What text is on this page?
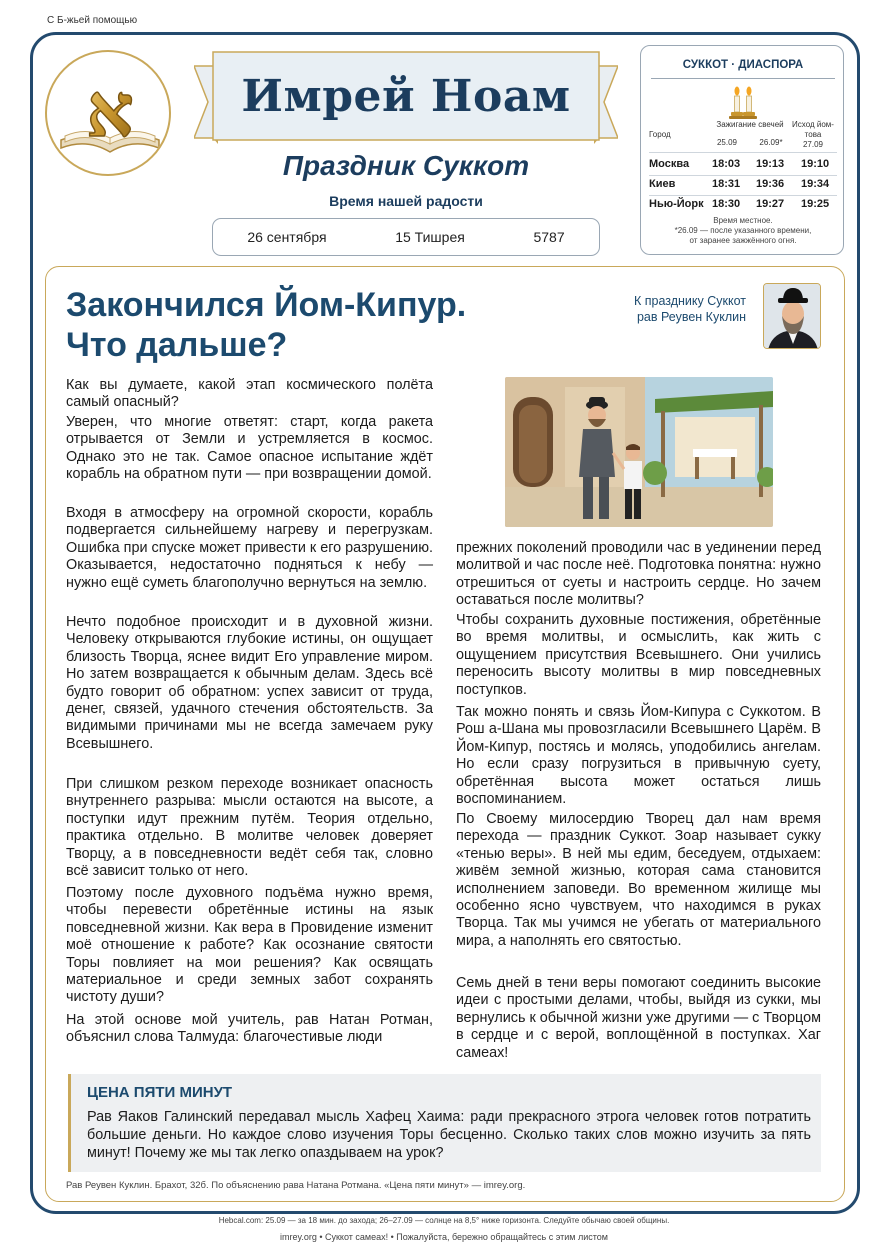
С Б-жьей помощью
א	Имрей Ноам
Праздник Суккот
Время нашей радости
26 сентября	15 Тишрея	5787
СУККОТ · ДИАСПОРА
Город
Зажигание свечей
25.09	26.09*
Исход йом-това
27.09
Москва 18:03 19:13 19:10
Киев	18:31 19:36 19:34
Нью-Йорк 18:30 19:27 19:25
Время местное.
*26.09 — после указанного времени,
от заранее зажжённого огня.
Закончился Йом-Кипур.
Что дальше?
К празднику Суккот
рав Реувен Куклин
Как вы думаете, какой этап космического полёта самый опасный?
Уверен, что многие ответят: старт, когда ракета отрывается от Земли и устремляется в космос. Однако это не так. Самое опасное испытание ждёт корабль на обратном пути — при возвращении домой.
Входя в атмосферу на огромной скорости, корабль подвергается сильнейшему нагреву и перегрузкам. Ошибка при спуске может привести к его разрушению. Оказывается, недостаточно подняться к небу — нужно ещё суметь благополучно вернуться на землю.
Нечто подобное происходит и в духовной жизни. Человеку открываются глубокие истины, он ощущает близость Творца, яснее видит Его управление миром. Но затем возвращается к обычным делам. Здесь всё будто говорит об обратном: успех зависит от труда, денег, связей, удачного стечения обстоятельств. За видимыми причинами мы не всегда замечаем руку Всевышнего.
При слишком резком переходе возникает опасность внутреннего разрыва: мысли остаются на высоте, а поступки идут прежним путём. Теория отдельно, практика отдельно. В молитве человек доверяет Творцу, а в повседневности ведёт себя так, словно всё зависит только от него.
Поэтому после духовного подъёма нужно время, чтобы перевести обретённые истины на язык повседневной жизни. Как вера в Провидение изменит моё отношение к работе? Как осознание святости Торы повлияет на мои решения? Как освящать материальное и среди земных забот сохранять чистоту души?
На этой основе мой учитель, рав Натан Ротман, объяснил слова Талмуда: благочестивые люди
прежних поколений проводили час в уединении перед молитвой и час после неё. Подготовка понятна: нужно отрешиться от суеты и настроить сердце. Но зачем оставаться после молитвы?
Чтобы сохранить духовные постижения, обретённые во время молитвы, и осмыслить, как жить с ощущением присутствия Всевышнего. Они учились переносить высоту молитвы в мир повседневных поступков.
Так можно понять и связь Йом-Кипура с Суккотом. В Рош а-Шана мы провозгласили Всевышнего Царём. В Йом-Кипур, постясь и молясь, уподобились ангелам. Но если сразу погрузиться в привычную суету, обретённая высота может остаться лишь воспоминанием.
По Своему милосердию Творец дал нам время перехода — праздник Суккот. Зоар называет сукку «тенью веры». В ней мы едим, беседуем, отдыхаем: живём земной жизнью, которая сама становится исполнением заповеди. Во временном жилище мы особенно ясно чувствуем, что находимся в руках Творца. Так мы учимся не убегать от материального мира, а наполнять его святостью.
Семь дней в тени веры помогают соединить высокие идеи с простыми делами, чтобы, выйдя из сукки, мы вернулись к обычной жизни уже другими — с Творцом в сердце и с верой, воплощённой в поступках. Хаг самеах!
ЦЕНА ПЯТИ МИНУТ
Рав Яаков Галинский передавал мысль Хафец Хаима: ради прекрасного этрога человек готов потратить большие деньги. Но каждое слово изучения Торы бесценно. Сколько таких слов можно изучить за пять минут! Почему же мы так легко опаздываем на урок?
Рав Реувен Куклин. Брахот, 32б. По объяснению рава Натана Ротмана. «Цена пяти минут» — imrey.org.
Hebcal.com: 25.09 — за 18 мин. до захода; 26–27.09 — солнце на 8,5° ниже горизонта. Следуйте обычаю своей общины.
imrey.org • Суккот самеах! • Пожалуйста, бережно обращайтесь с этим листом
